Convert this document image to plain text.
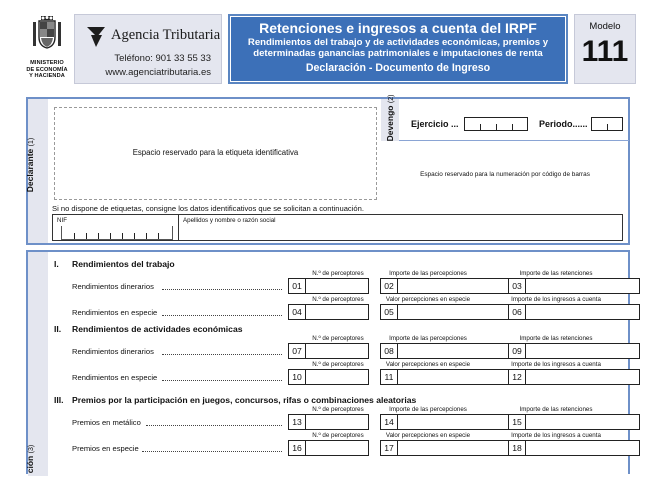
MINISTERIO
DE ECONOMÍA
Y HACIENDA
Agencia Tributaria
Teléfono: 901 33 55 33
www.agenciatributaria.es
Retenciones e ingresos a cuenta del IRPF
Rendimientos del trabajo y de actividades económicas, premios y
determinadas ganancias patrimoniales e imputaciones de renta
Declaración - Documento de Ingreso
Modelo
111
Declarante (1)
Espacio reservado para la etiqueta identificativa
Ejercicio ...	Periodo......
Devengo (2)
Espacio reservado para la numeración por código de barras
Si no dispone de etiquetas, consigne los datos identificativos que se solicitan a continuación.
NIF	Apellidos y nombre o razón social
ción (3)
I. Rendimientos del trabajo
N.º de perceptores	Importe de las percepciones	Importe de las retenciones
Rendimientos dinerarios	01	02	03
N.º de perceptores	Valor percepciones en especie	Importe de los ingresos a cuenta
Rendimientos en especie	04	05	06
II. Rendimientos de actividades económicas
N.º de perceptores	Importe de las percepciones	Importe de las retenciones
Rendimientos dinerarios	07	08	09
N.º de perceptores	Valor percepciones en especie	Importe de los ingresos a cuenta
Rendimientos en especie	10	11	12
III. Premios por la participación en juegos, concursos, rifas o combinaciones aleatorias
N.º de perceptores	Importe de las percepciones	Importe de las retenciones
Premios en metálico	13	14	15
N.º de perceptores	Valor percepciones en especie	Importe de los ingresos a cuenta
Premios en especie	16	17	18
